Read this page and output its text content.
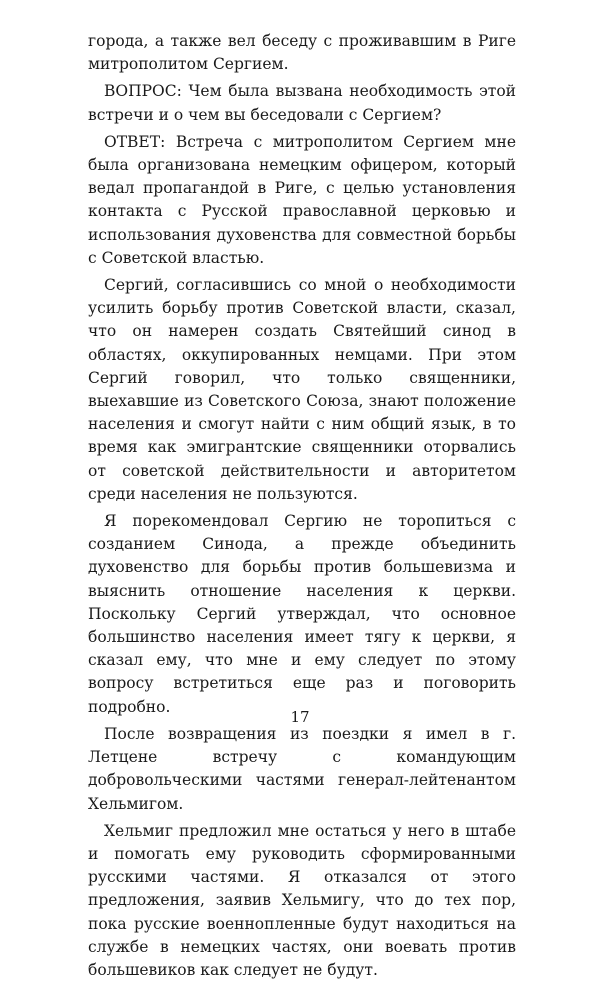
города, а также вел беседу с проживавшим в Риге митрополитом Сергием.

ВОПРОС: Чем была вызвана необходимость этой встречи и о чем вы беседовали с Сергием?

ОТВЕТ: Встреча с митрополитом Сергием мне была организована немецким офицером, который ведал пропагандой в Риге, с целью установления контакта с Русской православной церковью и использования духовенства для совместной борьбы с Советской властью.

Сергий, согласившись со мной о необходимости усилить борьбу против Советской власти, сказал, что он намерен создать Святейший синод в областях, оккупированных немцами. При этом Сергий говорил, что только священники, выехавшие из Советского Союза, знают положение населения и смогут найти с ним общий язык, в то время как эмигрантские священники оторвались от советской действительности и авторитетом среди населения не пользуются.

Я порекомендовал Сергию не торопиться с созданием Синода, а прежде объединить духовенство для борьбы против большевизма и выяснить отношение населения к церкви. Поскольку Сергий утверждал, что основное большинство населения имеет тягу к церкви, я сказал ему, что мне и ему следует по этому вопросу встретиться еще раз и поговорить подробно.

После возвращения из поездки я имел в г. Летцене встречу с командующим добровольческими частями генерал-лейтенантом Хельмигом.

Хельмиг предложил мне остаться у него в штабе и помогать ему руководить сформированными русскими частями. Я отказался от этого предложения, заявив Хельмигу, что до тех пор, пока русские военнопленные будут находиться на службе в немецких частях, они воевать против большевиков как следует не будут.

17
